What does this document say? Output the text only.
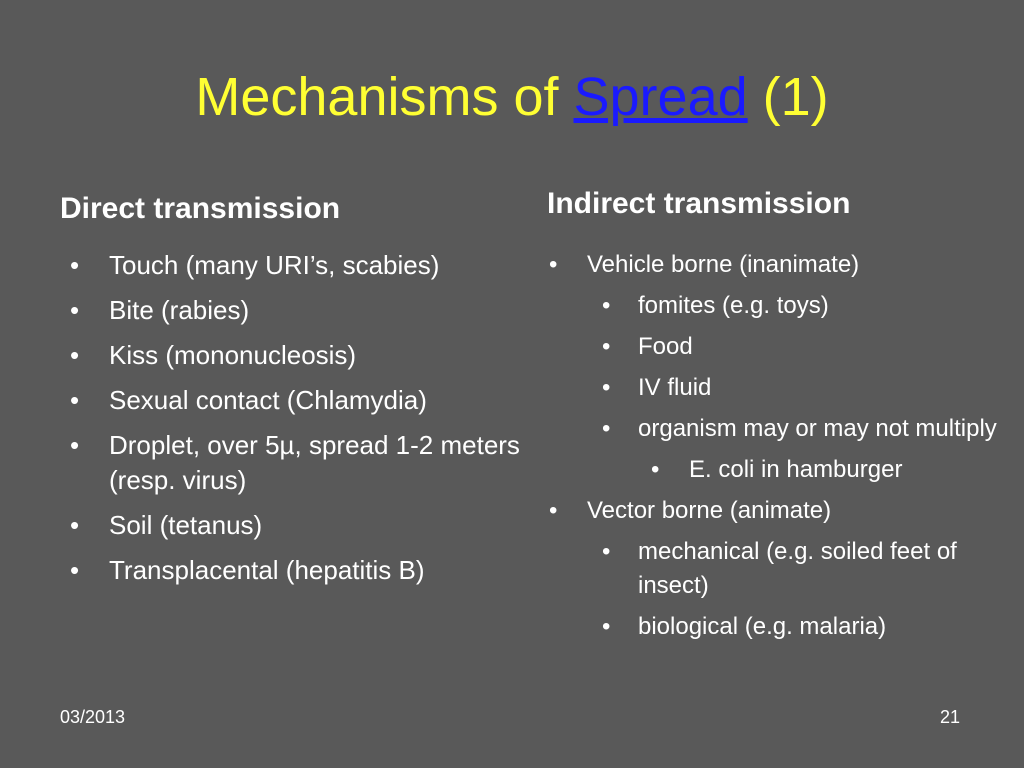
Mechanisms of Spread (1)
Direct transmission	Indirect transmission
• Touch (many URI’s, scabies)
• Bite (rabies)
• Kiss (mononucleosis)
• Sexual contact (Chlamydia)
• Droplet, over 5µ, spread 1-2 meters (resp. virus)
• Soil (tetanus)
• Transplacental (hepatitis B)
• Vehicle borne (inanimate)
• fomites (e.g. toys)
• Food
• IV fluid
• organism may or may not multiply
• E. coli in hamburger
• Vector borne (animate)
• mechanical (e.g. soiled feet of insect)
• biological (e.g. malaria)
03/2013	21
